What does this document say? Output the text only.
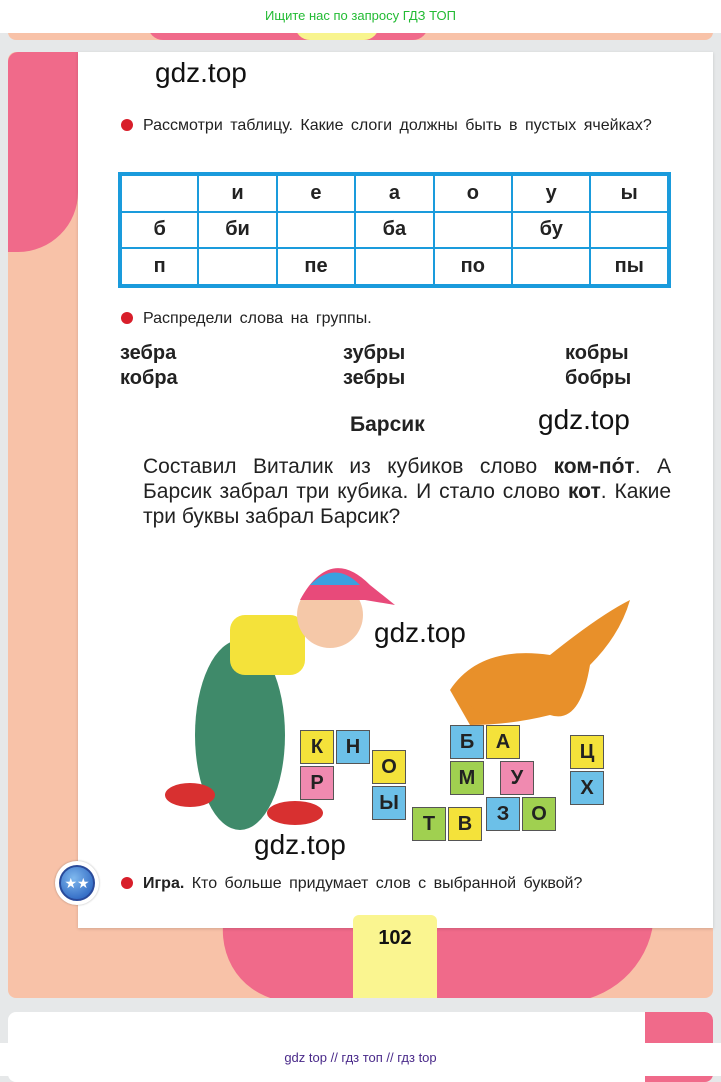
Ищите нас по запросу ГДЗ ТОП
gdz.top
Рассмотри таблицу. Какие слоги должны быть в пустых ячейках?
	и	е	а	о	у	ы
б	би		ба		бу	
п		пе		по		пы
Распредели слова на группы.
зебра
кобра
зубры
зебры
кобры
бобры
Барсик	gdz.top
Составил Виталик из кубиков слово ком-по́т. А Барсик забрал три кубика. И стало слово кот. Какие три буквы забрал Барсик?
К	Н
Р
О
Ы
Т	В
Б	А
М	У
З	О
Ц
Х
gdz.top
gdz.top
★★	Игра. Кто больше придумает слов с выбранной буквой?
102
gdz top // гдз топ // гдз top
